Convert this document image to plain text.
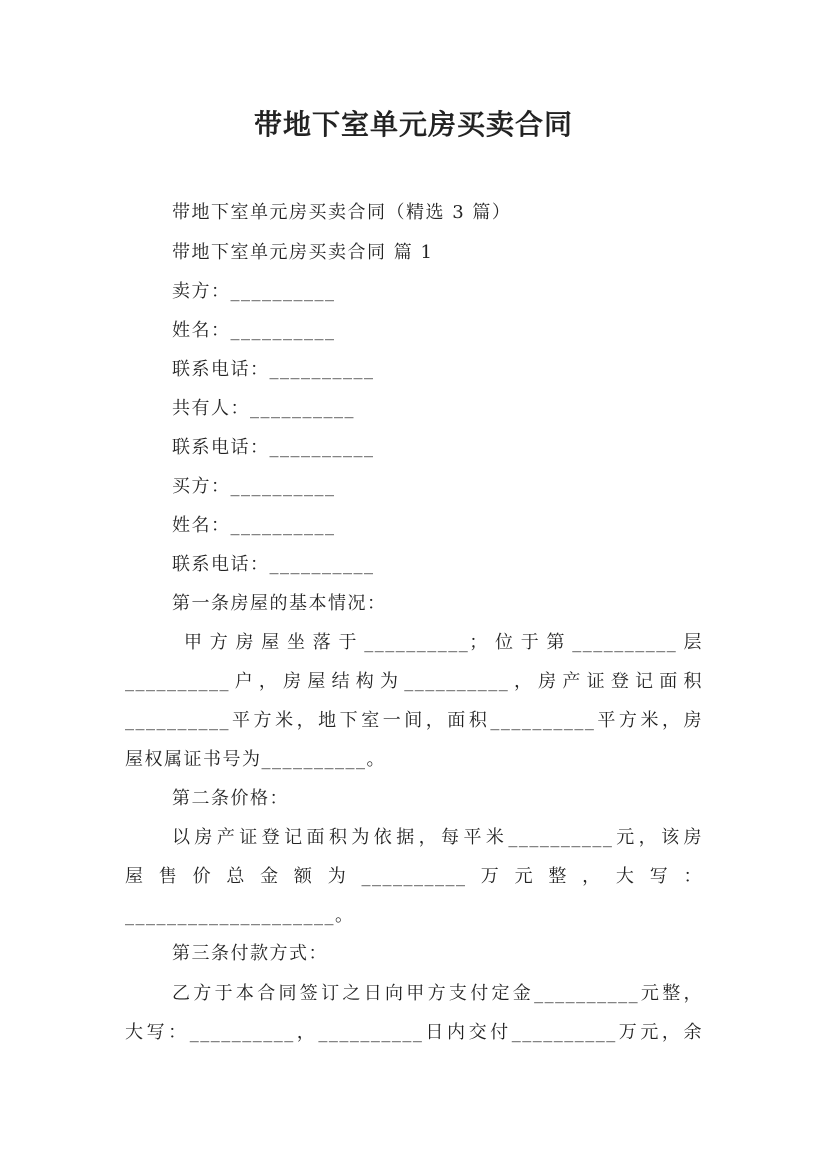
带地下室单元房买卖合同
带地下室单元房买卖合同（精选 3 篇）
带地下室单元房买卖合同 篇 1
卖方：__________
姓名：__________
联系电话：__________
共有人：__________
联系电话：__________
买方：__________
姓名：__________
联系电话：__________
第一条房屋的基本情况：
甲方房屋坐落于__________；位于第__________层
__________户，房屋结构为__________，房产证登记面积
__________平方米，地下室一间，面积__________平方米，房
屋权属证书号为__________。
第二条价格：
以房产证登记面积为依据，每平米__________元，该房
屋售价总金额为__________万元整，大写：
____________________。
第三条付款方式：
乙方于本合同签订之日向甲方支付定金__________元整，
大写：__________，__________日内交付__________万元，余
